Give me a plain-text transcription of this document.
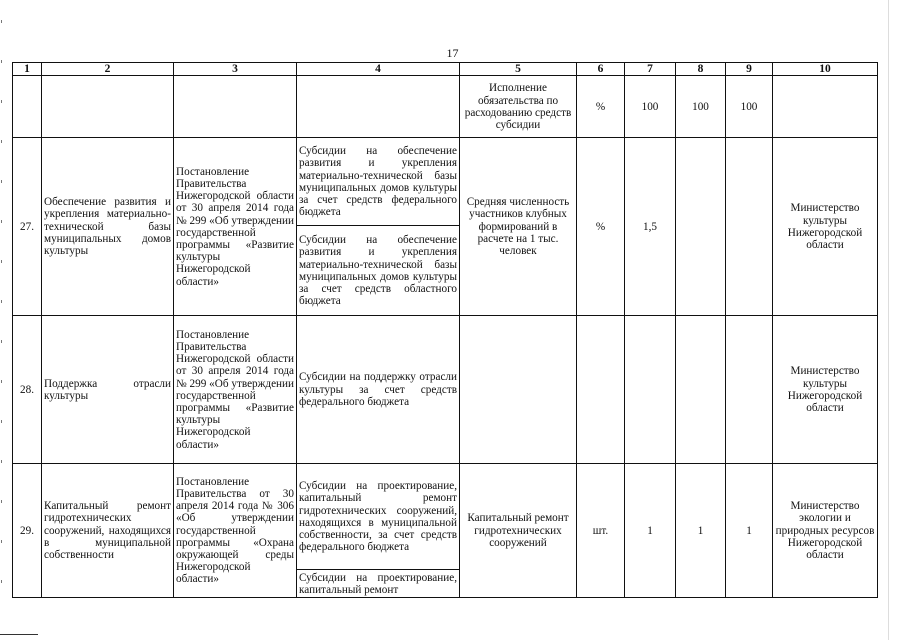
17
1	2	3	4	5	6	7	8	9	10
				Исполнение обязательства по расходованию средств субсидии	%	100	100	100	
27.	Обеспечение развития и укрепления материально-технической базы муниципальных домов культуры	Постановление Правительства Нижегородской области от 30 апреля 2014 года № 299 «Об утверждении государственной программы «Развитие культуры Нижегородской области»	Субсидии на обеспечение развития и укрепления материально-технической базы муниципальных домов культуры за счет средств федерального бюджета	Средняя численность участников клубных формирований в расчете на 1 тыс. человек	%	1,5			Министерство культуры Нижегородской области
			Субсидии на обеспечение развития и укрепления материально-технической базы муниципальных домов культуры за счет средств областного бюджета						
28.	Поддержка отрасли культуры	Постановление Правительства Нижегородской области от 30 апреля 2014 года № 299 «Об утверждении государственной программы «Развитие культуры Нижегородской области»	Субсидии на поддержку отрасли культуры за счет средств федерального бюджета						Министерство культуры Нижегородской области
29.	Капитальный ремонт гидротехнических сооружений, находящихся в муниципальной собственности	Постановление Правительства от 30 апреля 2014 года № 306 «Об утверждении государственной программы «Охрана окружающей среды Нижегородской области»	Субсидии на проектирование, капитальный ремонт гидротехнических сооружений, находящихся в муниципальной собственности, за счет средств федерального бюджета	Капитальный ремонт гидротехнических сооружений	шт.	1	1	1	Министерство экологии и природных ресурсов Нижегородской области
			Субсидии на проектирование, капитальный ремонт						
